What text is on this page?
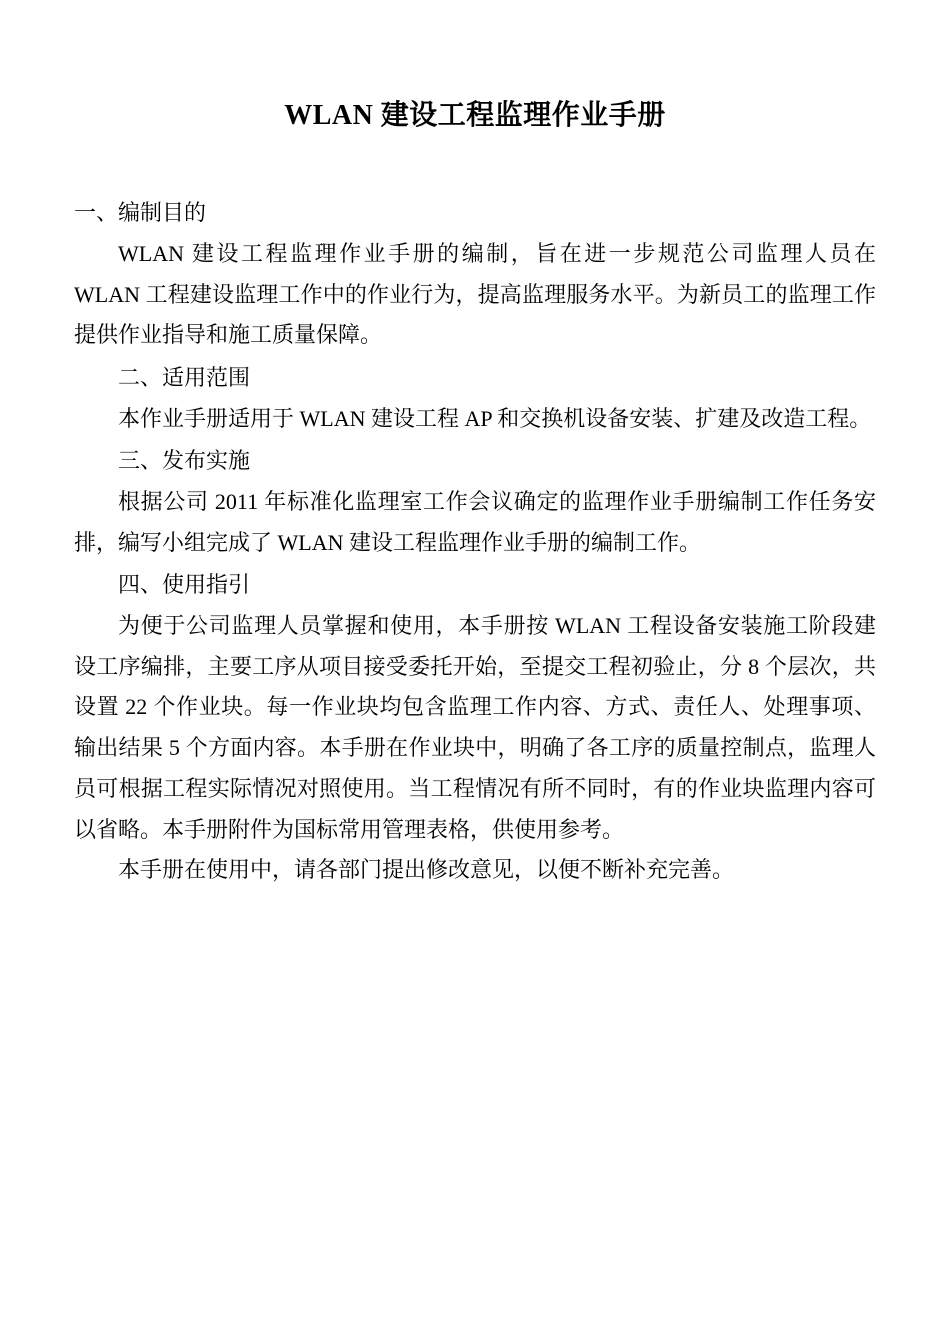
WLAN 建设工程监理作业手册

一、编制目的

WLAN 建设工程监理作业手册的编制，旨在进一步规范公司监理人员在 WLAN 工程建设监理工作中的作业行为，提高监理服务水平。为新员工的监理工作提供作业指导和施工质量保障。

二、适用范围

本作业手册适用于 WLAN 建设工程 AP 和交换机设备安装、扩建及改造工程。

三、发布实施

根据公司 2011 年标准化监理室工作会议确定的监理作业手册编制工作任务安排，编写小组完成了 WLAN 建设工程监理作业手册的编制工作。

四、使用指引

为便于公司监理人员掌握和使用，本手册按 WLAN 工程设备安装施工阶段建设工序编排，主要工序从项目接受委托开始，至提交工程初验止，分 8 个层次，共设置 22 个作业块。每一作业块均包含监理工作内容、方式、责任人、处理事项、输出结果 5 个方面内容。本手册在作业块中，明确了各工序的质量控制点，监理人员可根据工程实际情况对照使用。当工程情况有所不同时，有的作业块监理内容可以省略。本手册附件为国标常用管理表格，供使用参考。

本手册在使用中，请各部门提出修改意见，以便不断补充完善。
